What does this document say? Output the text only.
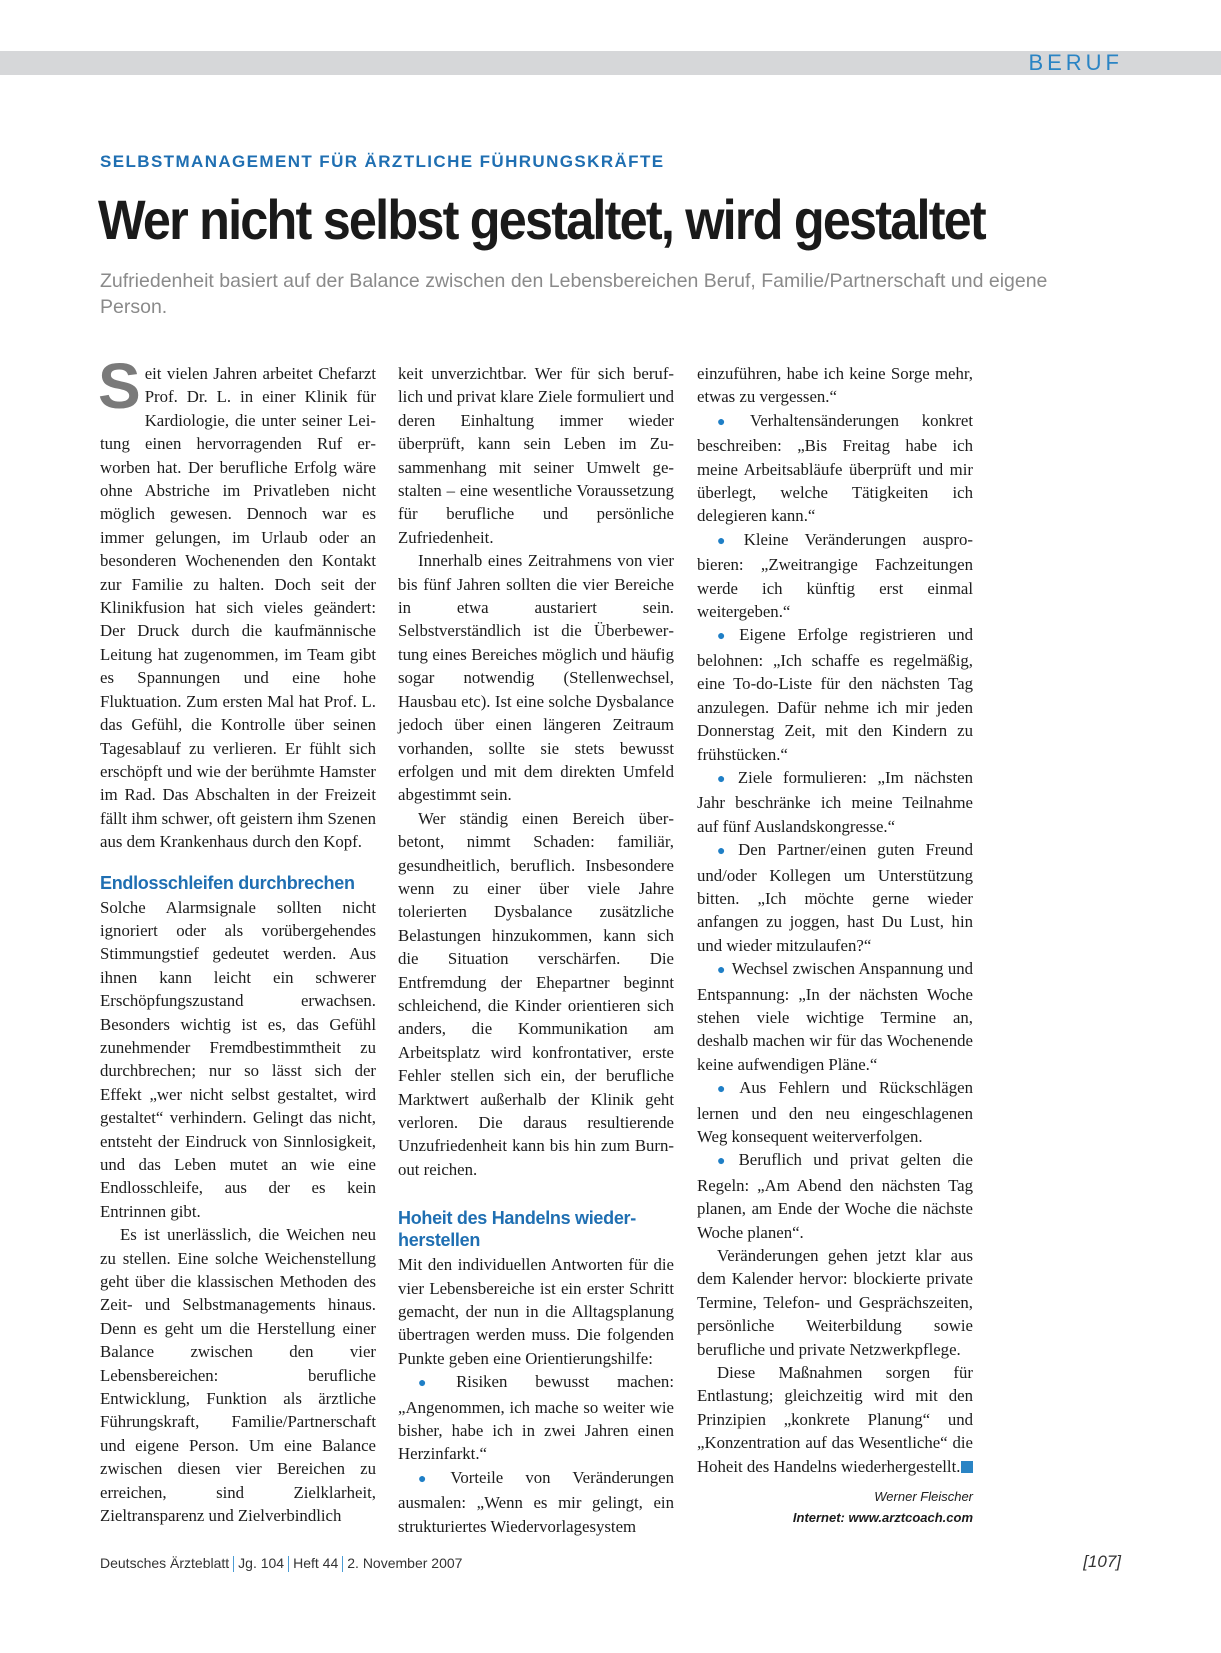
BERUF
SELBSTMANAGEMENT FÜR ÄRZTLICHE FÜHRUNGSKRÄFTE
Wer nicht selbst gestaltet, wird gestaltet
Zufriedenheit basiert auf der Balance zwischen den Lebensbereichen Beruf, Familie/Partnerschaft und eigene Person.

Seit vielen Jahren arbeitet Chefarzt Prof. Dr. L. in einer Klinik für Kardiologie, die unter seiner Leitung einen hervorragenden Ruf erworben hat. Der berufliche Erfolg wäre ohne Abstriche im Privatleben nicht möglich gewesen. Dennoch war es immer gelungen, im Urlaub oder an besonderen Wochenenden den Kontakt zur Familie zu halten. Doch seit der Klinikfusion hat sich vieles geändert: Der Druck durch die kaufmännische Leitung hat zugenommen, im Team gibt es Spannungen und eine hohe Fluktuation. Zum ersten Mal hat Prof. L. das Gefühl, die Kontrolle über seinen Tagesablauf zu verlieren. Er fühlt sich erschöpft und wie der berühmte Hamster im Rad. Das Abschalten in der Freizeit fällt ihm schwer, oft geistern ihm Szenen aus dem Krankenhaus durch den Kopf.

Endlosschleifen durchbrechen

Solche Alarmsignale sollten nicht ignoriert oder als vorübergehendes Stimmungstief gedeutet werden. Aus ihnen kann leicht ein schwerer Erschöpfungszustand erwachsen. Besonders wichtig ist es, das Gefühl zunehmender Fremdbestimmtheit zu durchbrechen; nur so lässt sich der Effekt „wer nicht selbst gestaltet, wird gestaltet“ verhindern. Gelingt das nicht, entsteht der Eindruck von Sinnlosigkeit, und das Leben mutet an wie eine Endlosschleife, aus der es kein Entrinnen gibt.

Es ist unerlässlich, die Weichen neu zu stellen. Eine solche Weichenstellung geht über die klassischen Methoden des Zeit- und Selbstmanagements hinaus. Denn es geht um die Herstellung einer Balance zwischen den vier Lebensbereichen: berufliche Entwicklung, Funktion als ärztliche Führungskraft, Familie/Partnerschaft und eigene Person. Um eine Balance zwischen diesen vier Bereichen zu erreichen, sind Zielklarheit, Zieltransparenz und Zielverbindlich

keit unverzichtbar. Wer für sich beruflich und privat klare Ziele formuliert und deren Einhaltung immer wieder überprüft, kann sein Leben im Zusammenhang mit seiner Umwelt gestalten – eine wesentliche Voraussetzung für berufliche und persönliche Zufriedenheit.

Innerhalb eines Zeitrahmens von vier bis fünf Jahren sollten die vier Bereiche in etwa austariert sein. Selbstverständlich ist die Überbewertung eines Bereiches möglich und häufig sogar notwendig (Stellenwechsel, Hausbau etc). Ist eine solche Dysbalance jedoch über einen längeren Zeitraum vorhanden, sollte sie stets bewusst erfolgen und mit dem direkten Umfeld abgestimmt sein.

Wer ständig einen Bereich überbetont, nimmt Schaden: familiär, gesundheitlich, beruflich. Insbesondere wenn zu einer über viele Jahre tolerierten Dysbalance zusätzliche Belastungen hinzukommen, kann sich die Situation verschärfen. Die Entfremdung der Ehepartner beginnt schleichend, die Kinder orientieren sich anders, die Kommunikation am Arbeitsplatz wird konfrontativer, erste Fehler stellen sich ein, der berufliche Marktwert außerhalb der Klinik geht verloren. Die daraus resultierende Unzufriedenheit kann bis hin zum Burn-out reichen.

Hoheit des Handelns wiederherstellen

Mit den individuellen Antworten für die vier Lebensbereiche ist ein erster Schritt gemacht, der nun in die Alltagsplanung übertragen werden muss. Die folgenden Punkte geben eine Orientierungshilfe:

● Risiken bewusst machen: „Angenommen, ich mache so weiter wie bisher, habe ich in zwei Jahren einen Herzinfarkt.“

● Vorteile von Veränderungen ausmalen: „Wenn es mir gelingt, ein strukturiertes Wiedervorlagesystem

einzuführen, habe ich keine Sorge mehr, etwas zu vergessen.“

● Verhaltensänderungen konkret beschreiben: „Bis Freitag habe ich meine Arbeitsabläufe überprüft und mir überlegt, welche Tätigkeiten ich delegieren kann.“

● Kleine Veränderungen ausprobieren: „Zweitrangige Fachzeitungen werde ich künftig erst einmal weitergeben.“

● Eigene Erfolge registrieren und belohnen: „Ich schaffe es regelmäßig, eine To-do-Liste für den nächsten Tag anzulegen. Dafür nehme ich mir jeden Donnerstag Zeit, mit den Kindern zu frühstücken.“

● Ziele formulieren: „Im nächsten Jahr beschränke ich meine Teilnahme auf fünf Auslandskongresse.“

● Den Partner/einen guten Freund und/oder Kollegen um Unterstützung bitten. „Ich möchte gerne wieder anfangen zu joggen, hast Du Lust, hin und wieder mitzulaufen?“

● Wechsel zwischen Anspannung und Entspannung: „In der nächsten Woche stehen viele wichtige Termine an, deshalb machen wir für das Wochenende keine aufwendigen Pläne.“

● Aus Fehlern und Rückschlägen lernen und den neu eingeschlagenen Weg konsequent weiterverfolgen.

● Beruflich und privat gelten die Regeln: „Am Abend den nächsten Tag planen, am Ende der Woche die nächste Woche planen“.

Veränderungen gehen jetzt klar aus dem Kalender hervor: blockierte private Termine, Telefon- und Gesprächszeiten, persönliche Weiterbildung sowie berufliche und private Netzwerkpflege.

Diese Maßnahmen sorgen für Entlastung; gleichzeitig wird mit den Prinzipien „konkrete Planung“ und „Konzentration auf das Wesentliche“ die Hoheit des Handelns wiederhergestellt.

Werner Fleischer
Internet: www.arztcoach.com
Deutsches Ärzteblatt Jg. 104 Heft 44 2. November 2007	[107]
